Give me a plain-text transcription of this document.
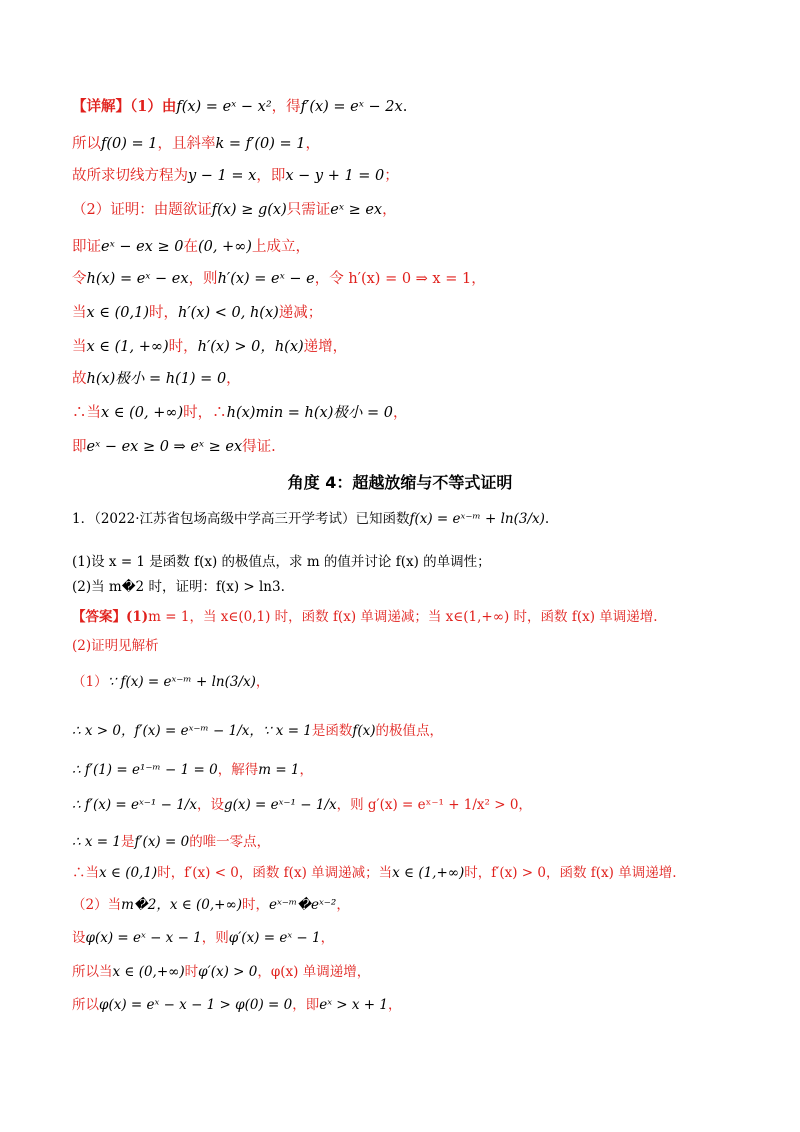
【详解】（1）由f(x) = eˣ − x²，得f′(x) = eˣ − 2x.
所以f(0) = 1，且斜率k = f′(0) = 1，
故所求切线方程为y − 1 = x，即x − y + 1 = 0；
（2）证明：由题欲证f(x) ≥ g(x)只需证eˣ ≥ ex，
即证eˣ − ex ≥ 0在(0, +∞)上成立，
令h(x) = eˣ − ex，则h′(x) = eˣ − e，令 h′(x) = 0 ⇒ x = 1，
当x ∈ (0,1)时，h′(x) < 0, h(x)递减；
当x ∈ (1, +∞)时，h′(x) > 0，h(x)递增，
故h(x)极小 = h(1) = 0，
∴当x ∈ (0, +∞)时，∴h(x)min = h(x)极小 = 0，
即eˣ − ex ≥ 0 ⇒ eˣ ≥ ex得证.
角度 4：超越放缩与不等式证明
1．（2022·江苏省包场高级中学高三开学考试）已知函数f(x) = eˣ⁻ᵐ + ln(3/x).
(1)设 x = 1 是函数 f(x) 的极值点，求 m 的值并讨论 f(x) 的单调性；
(2)当 m�2 时，证明：f(x) > ln3.
【答案】(1)m = 1，当 x∈(0,1) 时，函数 f(x) 单调递减；当 x∈(1,+∞) 时，函数 f(x) 单调递增.
(2)证明见解析
（1）∵ f(x) = eˣ⁻ᵐ + ln(3/x)，
∴ x > 0，f′(x) = eˣ⁻ᵐ − 1/x，∵ x = 1是函数f(x)的极值点，
∴ f′(1) = e¹⁻ᵐ − 1 = 0，解得m = 1，
∴ f′(x) = eˣ⁻¹ − 1/x，设g(x) = eˣ⁻¹ − 1/x，则 g′(x) = eˣ⁻¹ + 1/x² > 0，
∴ x = 1是f′(x) = 0的唯一零点，
∴当x ∈ (0,1)时，f′(x) < 0，函数 f(x) 单调递减；当x ∈ (1,+∞)时，f′(x) > 0，函数 f(x) 单调递增.
（2）当m�2，x ∈ (0,+∞)时，eˣ⁻ᵐ�eˣ⁻²，
设φ(x) = eˣ − x − 1，则φ′(x) = eˣ − 1，
所以当x ∈ (0,+∞)时φ′(x) > 0，φ(x) 单调递增，
所以φ(x) = eˣ − x − 1 > φ(0) = 0，即eˣ > x + 1，
